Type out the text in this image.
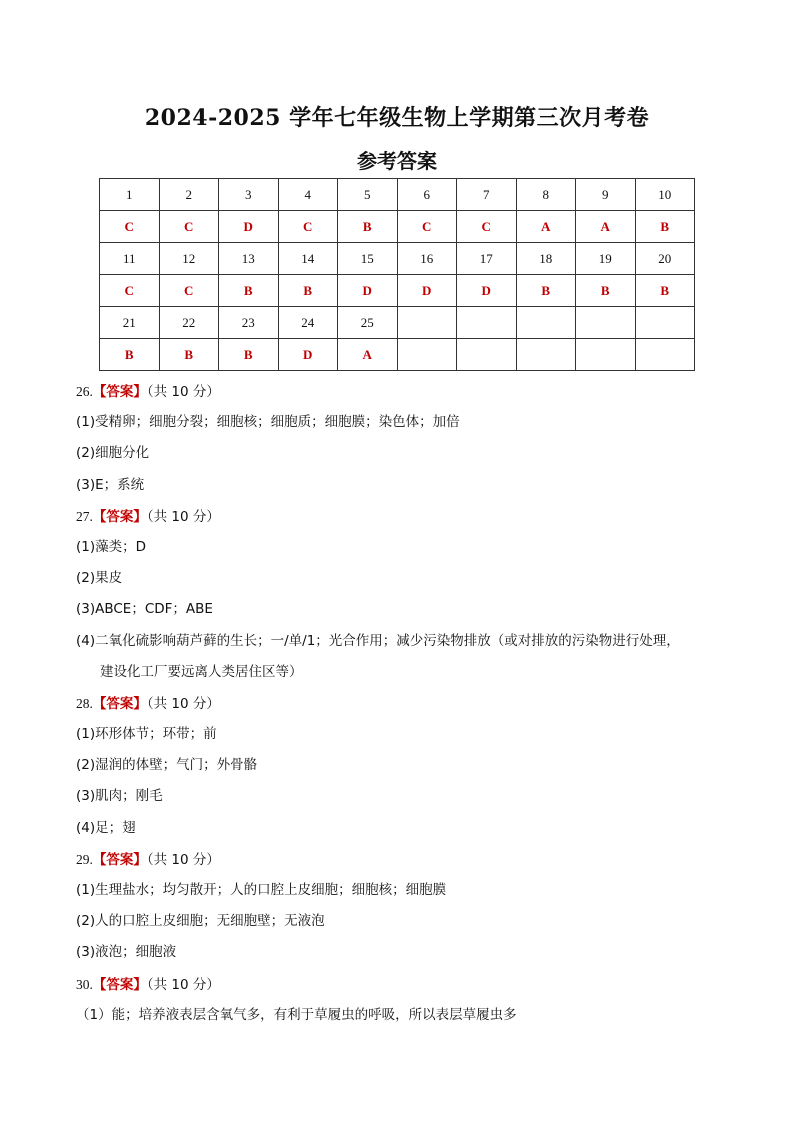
2024-2025 学年七年级生物上学期第三次月考卷
参考答案
1	2	3	4	5	6	7	8	9	10
C	C	D	C	B	C	C	A	A	B
11	12	13	14	15	16	17	18	19	20
C	C	B	B	D	D	D	B	B	B
21	22	23	24	25					
B	B	B	D	A					
26.【答案】（共 10 分）
(1)受精卵；细胞分裂；细胞核；细胞质；细胞膜；染色体；加倍
(2)细胞分化
(3)E；系统
27.【答案】（共 10 分）
(1)藻类；D
(2)果皮
(3)ABCE；CDF；ABE
(4)二氧化硫影响葫芦藓的生长；一/单/1；光合作用；减少污染物排放（或对排放的污染物进行处理，
建设化工厂要远离人类居住区等）
28.【答案】（共 10 分）
(1)环形体节；环带；前
(2)湿润的体壁；气门；外骨骼
(3)肌肉；刚毛
(4)足；翅
29.【答案】（共 10 分）
(1)生理盐水；均匀散开；人的口腔上皮细胞；细胞核；细胞膜
(2)人的口腔上皮细胞；无细胞壁；无液泡
(3)液泡；细胞液
30.【答案】（共 10 分）
（1）能；培养液表层含氧气多，有利于草履虫的呼吸，所以表层草履虫多
